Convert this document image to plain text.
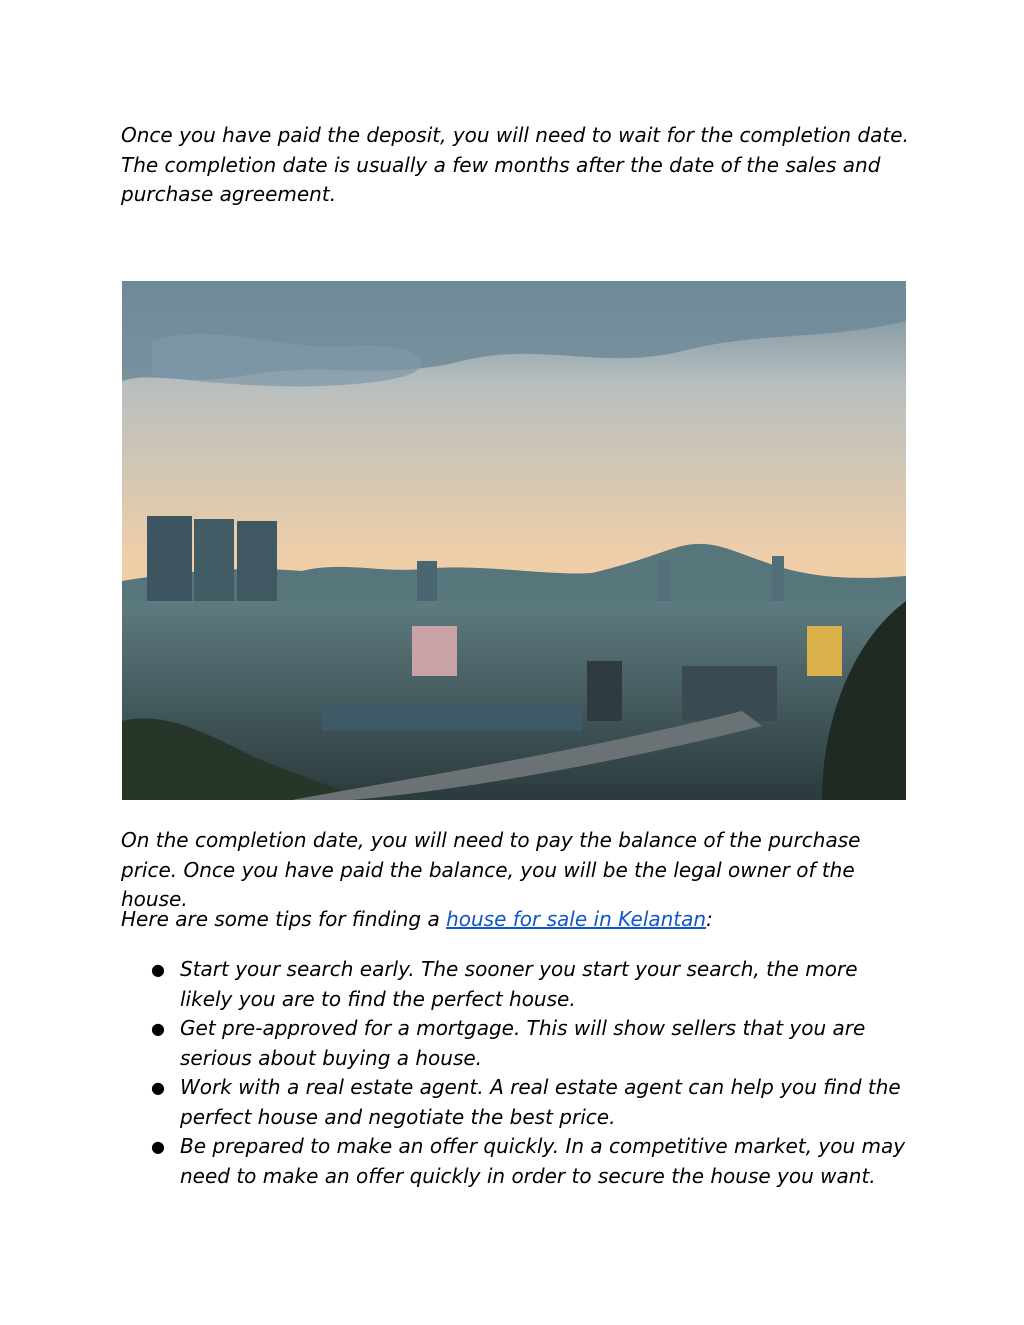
Once you have paid the deposit, you will need to wait for the completion date. The completion date is usually a few months after the date of the sales and purchase agreement.

On the completion date, you will need to pay the balance of the purchase price. Once you have paid the balance, you will be the legal owner of the house.

Here are some tips for finding a house for sale in Kelantan:

● Start your search early. The sooner you start your search, the more likely you are to find the perfect house.
● Get pre-approved for a mortgage. This will show sellers that you are serious about buying a house.
● Work with a real estate agent. A real estate agent can help you find the perfect house and negotiate the best price.
● Be prepared to make an offer quickly. In a competitive market, you may need to make an offer quickly in order to secure the house you want.
